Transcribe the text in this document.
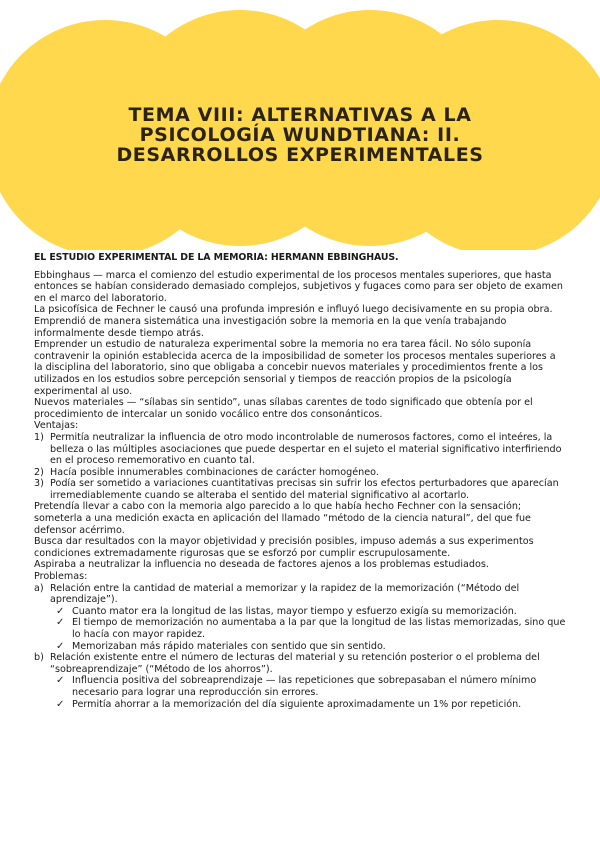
TEMA VIII: ALTERNATIVAS A LA
PSICOLOGÍA WUNDTIANA: II.
DESARROLLOS EXPERIMENTALES
EL ESTUDIO EXPERIMENTAL DE LA MEMORIA: HERMANN EBBINGHAUS.

Ebbinghaus — marca el comienzo del estudio experimental de los procesos mentales superiores, que hasta entonces se habían considerado demasiado complejos, subjetivos y fugaces como para ser objeto de examen en el marco del laboratorio.

La psicofísica de Fechner le causó una profunda impresión e influyó luego decisivamente en su propia obra. Emprendió de manera sistemática una investigación sobre la memoria en la que venía trabajando informalmente desde tiempo atrás.

Emprender un estudio de naturaleza experimental sobre la memoria no era tarea fácil. No sólo suponía contravenir la opinión establecida acerca de la imposibilidad de someter los procesos mentales superiores a la disciplina del laboratorio, sino que obligaba a concebir nuevos materiales y procedimientos frente a los utilizados en los estudios sobre percepción sensorial y tiempos de reacción propios de la psicología experimental al uso.

Nuevos materiales — “sílabas sin sentido”, unas sílabas carentes de todo significado que obtenía por el procedimiento de intercalar un sonido vocálico entre dos consonánticos.

Ventajas:

1) Permitía neutralizar la influencia de otro modo incontrolable de numerosos factores, como el inteéres, la belleza o las múltiples asociaciones que puede despertar en el sujeto el material significativo interfiriendo en el proceso rememorativo en cuanto tal.
2) Hacía posible innumerables combinaciones de carácter homogéneo.
3) Podía ser sometido a variaciones cuantitativas precisas sin sufrir los efectos perturbadores que aparecían irremediablemente cuando se alteraba el sentido del material significativo al acortarlo.

Pretendía llevar a cabo con la memoria algo parecido a lo que había hecho Fechner con la sensación; someterla a una medición exacta en aplicación del llamado “método de la ciencia natural”, del que fue defensor acérrimo.

Busca dar resultados con la mayor objetividad y precisión posibles, impuso además a sus experimentos condiciones extremadamente rigurosas que se esforzó por cumplir escrupulosamente.

Aspiraba a neutralizar la influencia no deseada de factores ajenos a los problemas estudiados.

Problemas:

a) Relación entre la cantidad de material a memorizar y la rapidez de la memorización (“Método del aprendizaje”).
✓ Cuanto mator era la longitud de las listas, mayor tiempo y esfuerzo exigía su memorización.
✓ El tiempo de memorización no aumentaba a la par que la longitud de las listas memorizadas, sino que lo hacía con mayor rapidez.
✓ Memorizaban más rápido materiales con sentido que sin sentido.
b) Relación existente entre el número de lecturas del material y su retención posterior o el problema del “sobreaprendizaje” (“Método de los ahorros”).
✓ Influencia positiva del sobreaprendizaje — las repeticiones que sobrepasaban el número mínimo necesario para lograr una reproducción sin errores.
✓ Permitía ahorrar a la memorización del día siguiente aproximadamente un 1% por repetición.
